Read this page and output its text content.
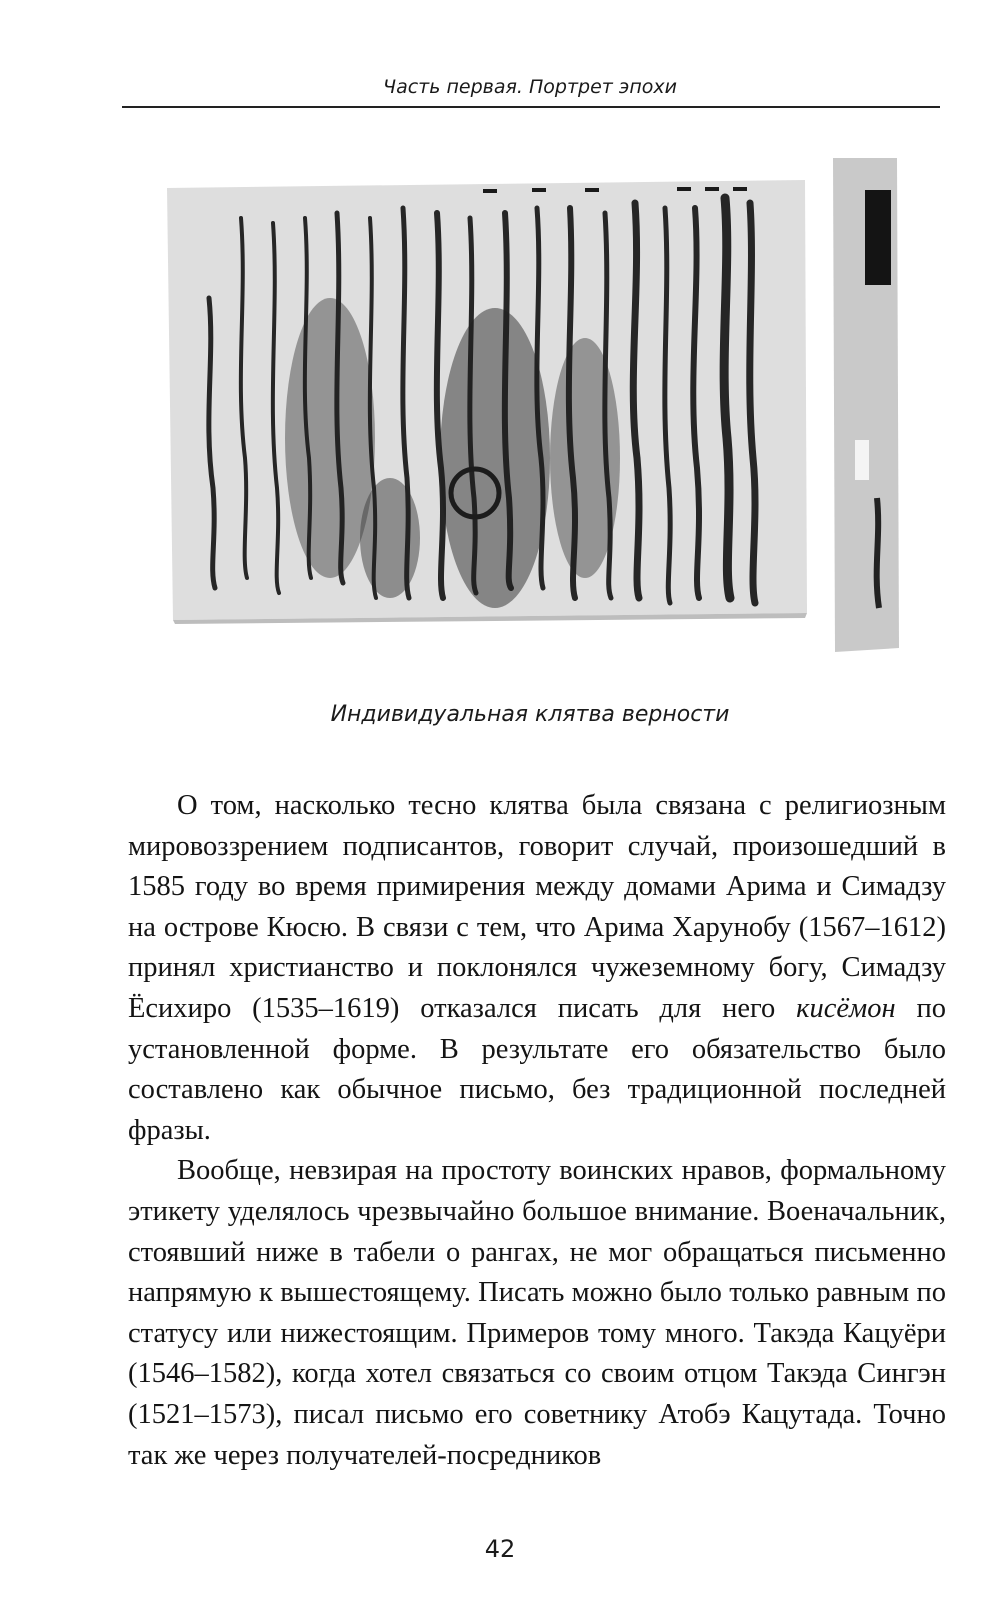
Часть первая. Портрет эпохи
Индивидуальная клятва верности

О том, насколько тесно клятва была связана с религиозным мировоззрением подписантов, говорит случай, произошедший в 1585 году во время примирения между домами Арима и Симадзу на острове Кюсю. В связи с тем, что Арима Харунобу (1567–1612) принял христианство и поклонялся чужеземному богу, Симадзу Ёсихиро (1535–1619) отказался писать для него кисёмон по установленной форме. В результате его обязательство было составлено как обычное письмо, без традиционной последней фразы.

Вообще, невзирая на простоту воинских нравов, формальному этикету уделялось чрезвычайно большое внимание. Военачальник, стоявший ниже в табели о рангах, не мог обращаться письменно напрямую к вышестоящему. Писать можно было только равным по статусу или нижестоящим. Примеров тому много. Такэда Кацуёри (1546–1582), когда хотел связаться со своим отцом Такэда Сингэн (1521–1573), писал письмо его советнику Атобэ Кацутада. Точно так же через получателей-посредников

42
